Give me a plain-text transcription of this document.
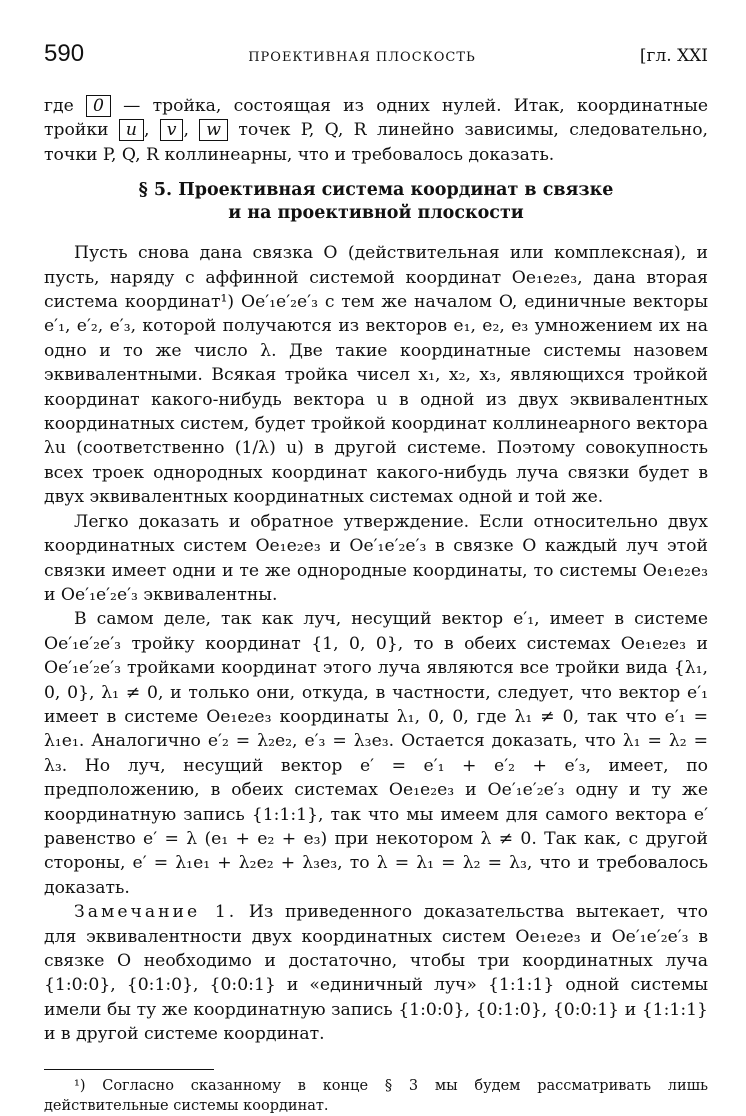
590	ПРОЕКТИВНАЯ ПЛОСКОСТЬ	[гл. XXI

где 0 — тройка, состоящая из одних нулей. Итак, координатные тройки u , v , w точек P, Q, R линейно зависимы, следовательно, точки P, Q, R коллинеарны, что и требовалось доказать.

§ 5. Проективная система координат в связке
и на проективной плоскости

Пусть снова дана связка O (действительная или комплексная), и пусть, наряду с аффинной системой координат Oe₁e₂e₃, дана вторая система координат¹) Oe′₁e′₂e′₃ с тем же началом O, единичные векторы e′₁, e′₂, e′₃, которой получаются из векторов e₁, e₂, e₃ умножением их на одно и то же число λ. Две такие координатные системы назовем эквивалентными. Всякая тройка чисел x₁, x₂, x₃, являющихся тройкой координат какого-нибудь вектора u в одной из двух эквивалентных координатных систем, будет тройкой координат коллинеарного вектора λu (соответственно (1/λ) u) в другой системе. Поэтому совокупность всех троек однородных координат какого-нибудь луча связки будет в двух эквивалентных координатных системах одной и той же.

Легко доказать и обратное утверждение. Если относительно двух координатных систем Oe₁e₂e₃ и Oe′₁e′₂e′₃ в связке O каждый луч этой связки имеет одни и те же однородные координаты, то системы Oe₁e₂e₃ и Oe′₁e′₂e′₃ эквивалентны.

В самом деле, так как луч, несущий вектор e′₁, имеет в системе Oe′₁e′₂e′₃ тройку координат {1, 0, 0}, то в обеих системах Oe₁e₂e₃ и Oe′₁e′₂e′₃ тройками координат этого луча являются все тройки вида {λ₁, 0, 0}, λ₁ ≠ 0, и только они, откуда, в частности, следует, что вектор e′₁ имеет в системе Oe₁e₂e₃ координаты λ₁, 0, 0, где λ₁ ≠ 0, так что e′₁ = λ₁e₁. Аналогично e′₂ = λ₂e₂, e′₃ = λ₃e₃. Остается доказать, что λ₁ = λ₂ = λ₃. Но луч, несущий вектор e′ = e′₁ + e′₂ + e′₃, имеет, по предположению, в обеих системах Oe₁e₂e₃ и Oe′₁e′₂e′₃ одну и ту же координатную запись {1:1:1}, так что мы имеем для самого вектора e′ равенство e′ = λ (e₁ + e₂ + e₃) при некотором λ ≠ 0. Так как, с другой стороны, e′ = λ₁e₁ + λ₂e₂ + λ₃e₃, то λ = λ₁ = λ₂ = λ₃, что и требовалось доказать.

Замечание 1. Из приведенного доказательства вытекает, что для эквивалентности двух координатных систем Oe₁e₂e₃ и Oe′₁e′₂e′₃ в связке O необходимо и достаточно, чтобы три координатных луча {1:0:0}, {0:1:0}, {0:0:1} и «единичный луч» {1:1:1} одной системы имели бы ту же координатную запись {1:0:0}, {0:1:0}, {0:0:1} и {1:1:1} и в другой системе координат.

¹) Согласно сказанному в конце § 3 мы будем рассматривать лишь действительные системы координат.
